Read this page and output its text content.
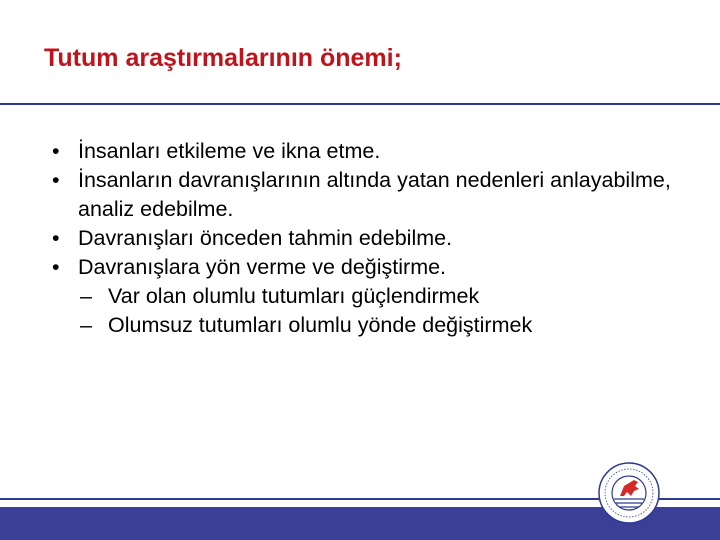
Tutum araştırmalarının önemi;
• İnsanları etkileme ve ikna etme.
• İnsanların davranışlarının altında yatan nedenleri anlayabilme, analiz edebilme.
• Davranışları önceden tahmin edebilme.
• Davranışlara yön verme ve değiştirme.
– Var olan olumlu tutumları güçlendirmek
– Olumsuz tutumları olumlu yönde değiştirmek
